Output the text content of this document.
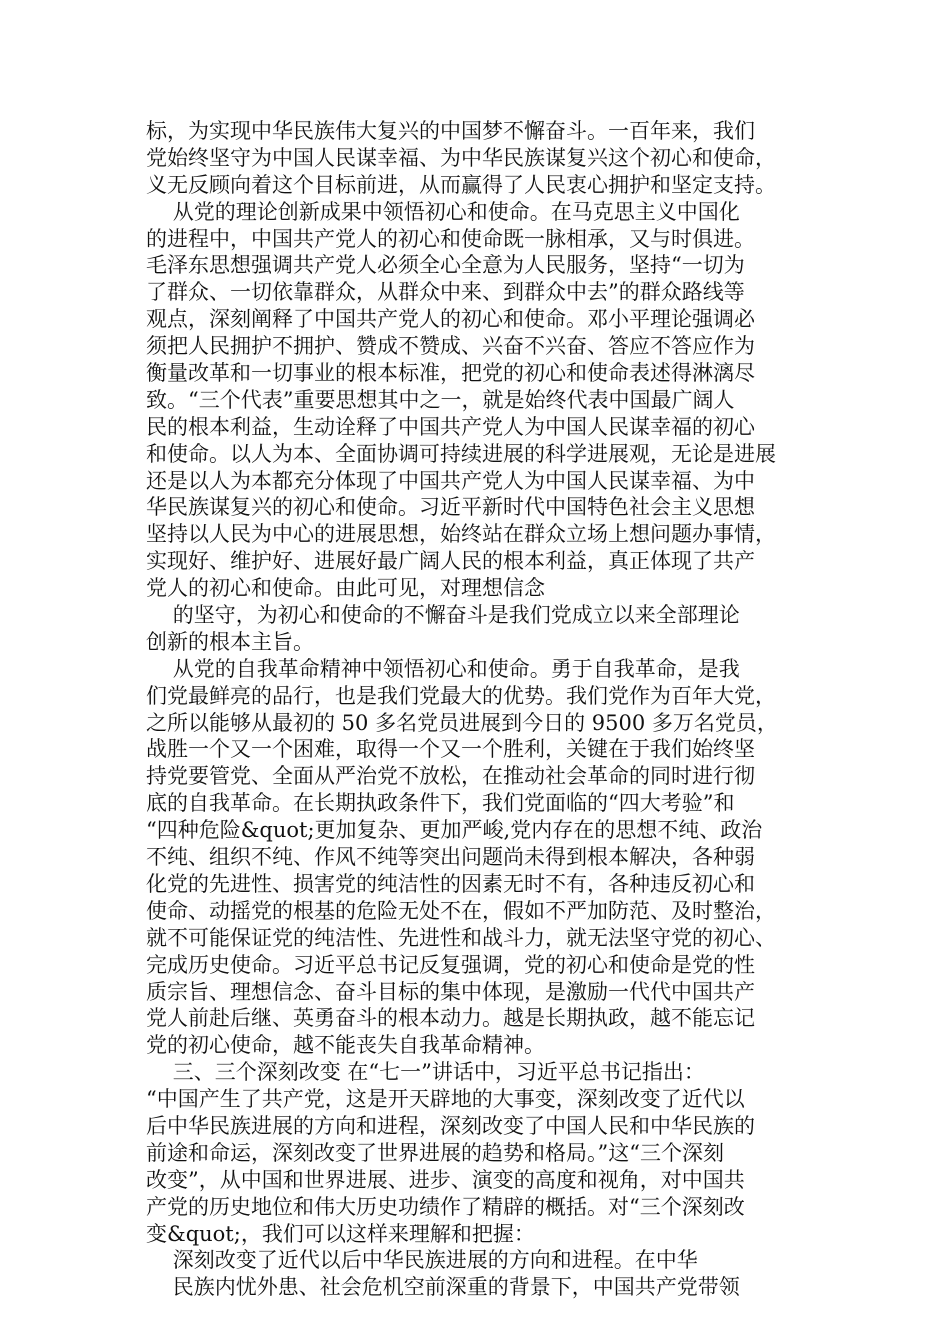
标，为实现中华民族伟大复兴的中国梦不懈奋斗。一百年来，我们
党始终坚守为中国人民谋幸福、为中华民族谋复兴这个初心和使命，
义无反顾向着这个目标前进，从而赢得了人民衷心拥护和坚定支持。
从党的理论创新成果中领悟初心和使命。在马克思主义中国化
的进程中，中国共产党人的初心和使命既一脉相承，又与时俱进。
毛泽东思想强调共产党人必须全心全意为人民服务，坚持“一切为
了群众、一切依靠群众，从群众中来、到群众中去”的群众路线等
观点，深刻阐释了中国共产党人的初心和使命。邓小平理论强调必
须把人民拥护不拥护、赞成不赞成、兴奋不兴奋、答应不答应作为
衡量改革和一切事业的根本标准，把党的初心和使命表述得淋漓尽
致。“三个代表”重要思想其中之一，就是始终代表中国最广阔人
民的根本利益，生动诠释了中国共产党人为中国人民谋幸福的初心
和使命。以人为本、全面协调可持续进展的科学进展观，无论是进展
还是以人为本都充分体现了中国共产党人为中国人民谋幸福、为中
华民族谋复兴的初心和使命。习近平新时代中国特色社会主义思想
坚持以人民为中心的进展思想，始终站在群众立场上想问题办事情，
实现好、维护好、进展好最广阔人民的根本利益，真正体现了共产
党人的初心和使命。由此可见，对理想信念
的坚守，为初心和使命的不懈奋斗是我们党成立以来全部理论
创新的根本主旨。
从党的自我革命精神中领悟初心和使命。勇于自我革命，是我
们党最鲜亮的品行，也是我们党最大的优势。我们党作为百年大党，
之所以能够从最初的 50 多名党员进展到今日的 9500 多万名党员，
战胜一个又一个困难，取得一个又一个胜利，关键在于我们始终坚
持党要管党、全面从严治党不放松，在推动社会革命的同时进行彻
底的自我革命。在长期执政条件下，我们党面临的“四大考验”和
“四种危险&quot;更加复杂、更加严峻,党内存在的思想不纯、政治
不纯、组织不纯、作风不纯等突出问题尚未得到根本解决，各种弱
化党的先进性、损害党的纯洁性的因素无时不有，各种违反初心和
使命、动摇党的根基的危险无处不在，假如不严加防范、及时整治，
就不可能保证党的纯洁性、先进性和战斗力，就无法坚守党的初心、
完成历史使命。习近平总书记反复强调，党的初心和使命是党的性
质宗旨、理想信念、奋斗目标的集中体现，是激励一代代中国共产
党人前赴后继、英勇奋斗的根本动力。越是长期执政，越不能忘记
党的初心使命，越不能丧失自我革命精神。
三、三个深刻改变 在“七一”讲话中，习近平总书记指出：
“中国产生了共产党，这是开天辟地的大事变，深刻改变了近代以
后中华民族进展的方向和进程，深刻改变了中国人民和中华民族的
前途和命运，深刻改变了世界进展的趋势和格局。”这“三个深刻
改变”，从中国和世界进展、进步、演变的高度和视角，对中国共
产党的历史地位和伟大历史功绩作了精辟的概括。对“三个深刻改
变&quot;，我们可以这样来理解和把握：
深刻改变了近代以后中华民族进展的方向和进程。在中华
民族内忧外患、社会危机空前深重的背景下，中国共产党带领
